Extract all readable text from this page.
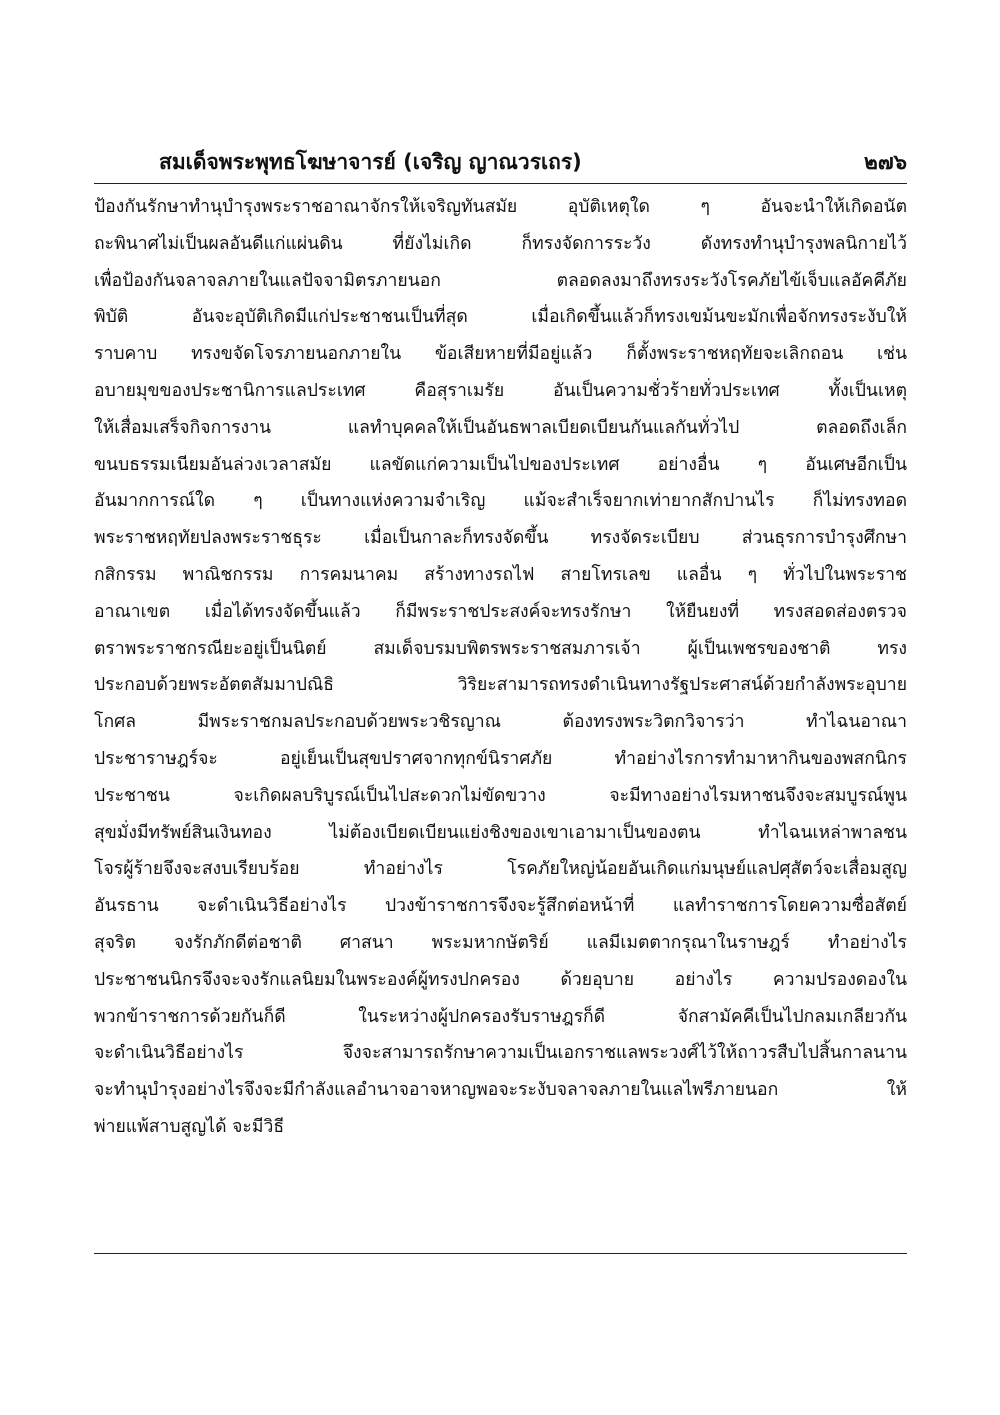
สมเด็จพระพุทธโฆษาจารย์ (เจริญ ญาณวรเถร)	๒๗๖
ป้องกันรักษาทำนุบำรุงพระราชอาณาจักรให้เจริญทันสมัย อุบัติเหตุใด ๆ อันจะนำให้เกิดอนัต
ถะพินาศไม่เป็นผลอันดีแก่แผ่นดิน ที่ยังไม่เกิด ก็ทรงจัดการระวัง ดังทรงทำนุบำรุงพลนิกายไว้
เพื่อป้องกันจลาจลภายในแลปัจจามิตรภายนอก ตลอดลงมาถึงทรงระวังโรคภัยไข้เจ็บแลอัคคีภัย
พิบัติ อันจะอุบัติเกิดมีแก่ประชาชนเป็นที่สุด เมื่อเกิดขึ้นแล้วก็ทรงเขม้นขะมักเพื่อจักทรงระงับให้
ราบคาบ ทรงขจัดโจรภายนอกภายใน ข้อเสียหายที่มีอยู่แล้ว ก็ตั้งพระราชหฤทัยจะเลิกถอน เช่น
อบายมุขของประชานิการแลประเทศ คือสุราเมรัย อันเป็นความชั่วร้ายทั่วประเทศ ทั้งเป็นเหตุ
ให้เสื่อมเสร็จกิจการงาน แลทำบุคคลให้เป็นอันธพาลเบียดเบียนกันแลกันทั่วไป ตลอดถึงเล็ก
ขนบธรรมเนียมอันล่วงเวลาสมัย แลขัดแก่ความเป็นไปของประเทศ อย่างอื่น ๆ อันเศษอีกเป็น
อันมากการณ์ใด ๆ เป็นทางแห่งความจำเริญ แม้จะสำเร็จยากเท่ายากสักปานไร ก็ไม่ทรงทอด
พระราชหฤทัยปลงพระราชธุระ เมื่อเป็นกาละก็ทรงจัดขึ้น ทรงจัดระเบียบ ส่วนธุรการบำรุงศึกษา
กสิกรรม พาณิชกรรม การคมนาคม สร้างทางรถไฟ สายโทรเลข แลอื่น ๆ ทั่วไปในพระราช
อาณาเขต เมื่อได้ทรงจัดขึ้นแล้ว ก็มีพระราชประสงค์จะทรงรักษา ให้ยืนยงที่ ทรงสอดส่องตรวจ
ตราพระราชกรณียะอยู่เป็นนิตย์ สมเด็จบรมบพิตรพระราชสมภารเจ้า ผู้เป็นเพชรของชาติ ทรง
ประกอบด้วยพระอัตตสัมมาปณิธิ วิริยะสามารถทรงดำเนินทางรัฐประศาสน์ด้วยกำลังพระอุบาย
โกศล มีพระราชกมลประกอบด้วยพระวชิรญาณ ต้องทรงพระวิตกวิจารว่า ทำไฉนอาณา
ประชาราษฎร์จะ อยู่เย็นเป็นสุขปราศจากทุกข์นิราศภัย ทำอย่างไรการทำมาหากินของพสกนิกร
ประชาชน จะเกิดผลบริบูรณ์เป็นไปสะดวกไม่ขัดขวาง จะมีทางอย่างไรมหาชนจึงจะสมบูรณ์พูน
สุขมั่งมีทรัพย์สินเงินทอง ไม่ต้องเบียดเบียนแย่งชิงของเขาเอามาเป็นของตน ทำไฉนเหล่าพาลชน
โจรผู้ร้ายจึงจะสงบเรียบร้อย ทำอย่างไร โรคภัยใหญ่น้อยอันเกิดแก่มนุษย์แลปศุสัตว์จะเสื่อมสูญ
อันรธาน จะดำเนินวิธีอย่างไร ปวงข้าราชการจึงจะรู้สึกต่อหน้าที่ แลทำราชการโดยความซื่อสัตย์
สุจริต จงรักภักดีต่อชาติ ศาสนา พระมหากษัตริย์ แลมีเมตตากรุณาในราษฎร์ ทำอย่างไร
ประชาชนนิกรจึงจะจงรักแลนิยมในพระองค์ผู้ทรงปกครอง ด้วยอุบาย อย่างไร ความปรองดองใน
พวกข้าราชการด้วยกันก็ดี ในระหว่างผู้ปกครองรับราษฎรก็ดี จักสามัคคีเป็นไปกลมเกลียวกัน
จะดำเนินวิธีอย่างไร จึงจะสามารถรักษาความเป็นเอกราชแลพระวงศ์ไว้ให้ถาวรสืบไปสิ้นกาลนาน
จะทำนุบำรุงอย่างไรจึงจะมีกำลังแลอำนาจอาจหาญพอจะระงับจลาจลภายในแลไพรีภายนอก ให้
พ่ายแพ้สาบสูญได้ จะมีวิธี
